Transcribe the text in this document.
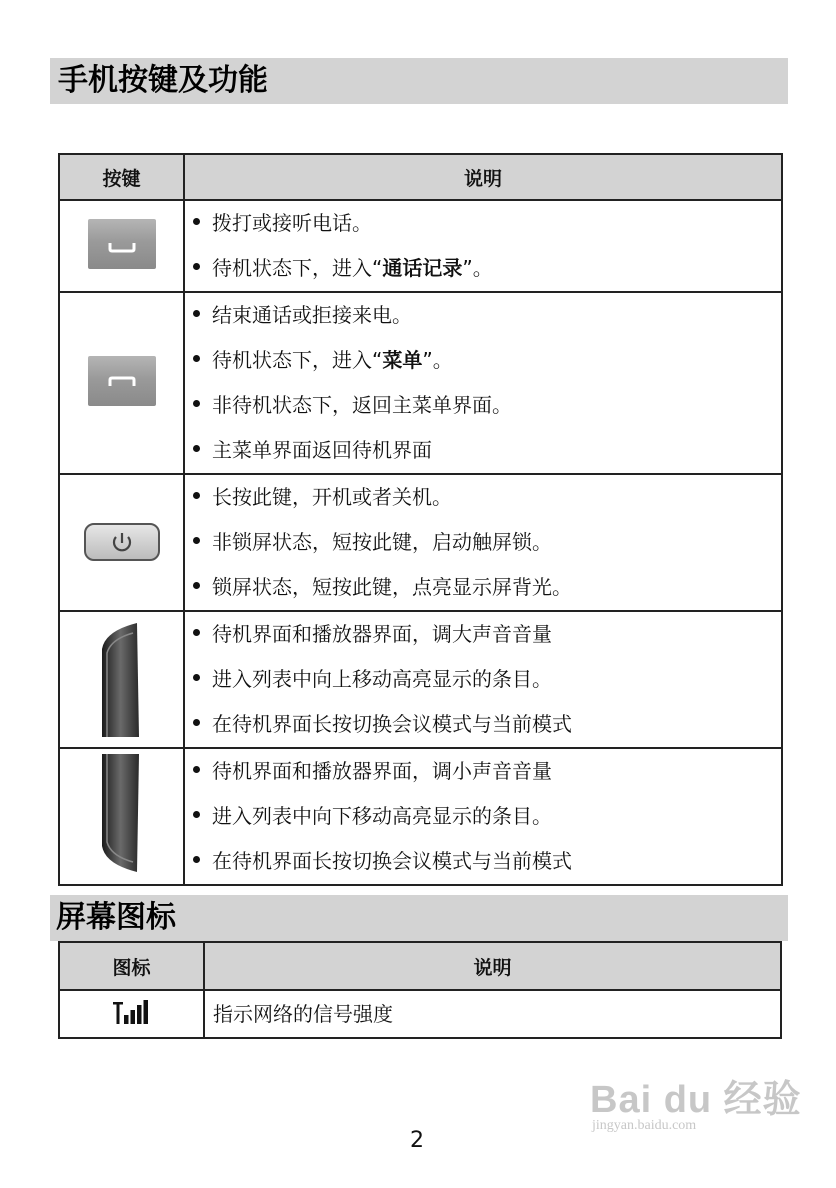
手机按键及功能
按键	说明

拨打或接听电话。
待机状态下，进入“通话记录”。

结束通话或拒接来电。
待机状态下，进入“菜单”。
非待机状态下，返回主菜单界面。
主菜单界面返回待机界面

长按此键，开机或者关机。
非锁屏状态，短按此键，启动触屏锁。
锁屏状态，短按此键，点亮显示屏背光。

待机界面和播放器界面，调大声音音量
进入列表中向上移动高亮显示的条目。
在待机界面长按切换会议模式与当前模式

待机界面和播放器界面，调小声音音量
进入列表中向下移动高亮显示的条目。
在待机界面长按切换会议模式与当前模式
屏幕图标
图标	说明

指示网络的信号强度
2
Bai du 经验
jingyan.baidu.com
